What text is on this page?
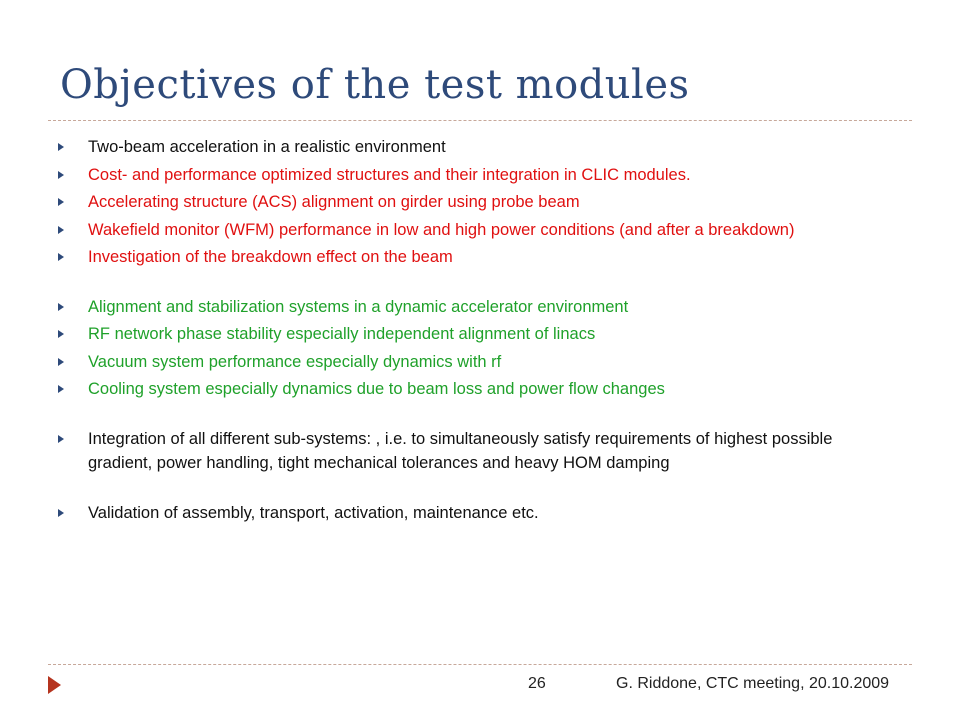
Objectives of the test modules
Two-beam acceleration in a realistic environment
Cost- and performance optimized structures and their integration in CLIC modules.
Accelerating structure (ACS) alignment on girder using probe beam
Wakefield monitor (WFM) performance in low and high power conditions (and after a breakdown)
Investigation of the breakdown effect on the beam
Alignment and stabilization systems in a dynamic accelerator environment
RF network phase stability especially independent alignment of linacs
Vacuum system performance especially dynamics with rf
Cooling system especially dynamics due to beam loss and power flow changes
Integration of all different sub-systems: , i.e. to simultaneously satisfy requirements of highest possible gradient, power handling, tight mechanical tolerances and heavy HOM damping
Validation of assembly, transport, activation, maintenance etc.
26	G. Riddone, CTC meeting, 20.10.2009
